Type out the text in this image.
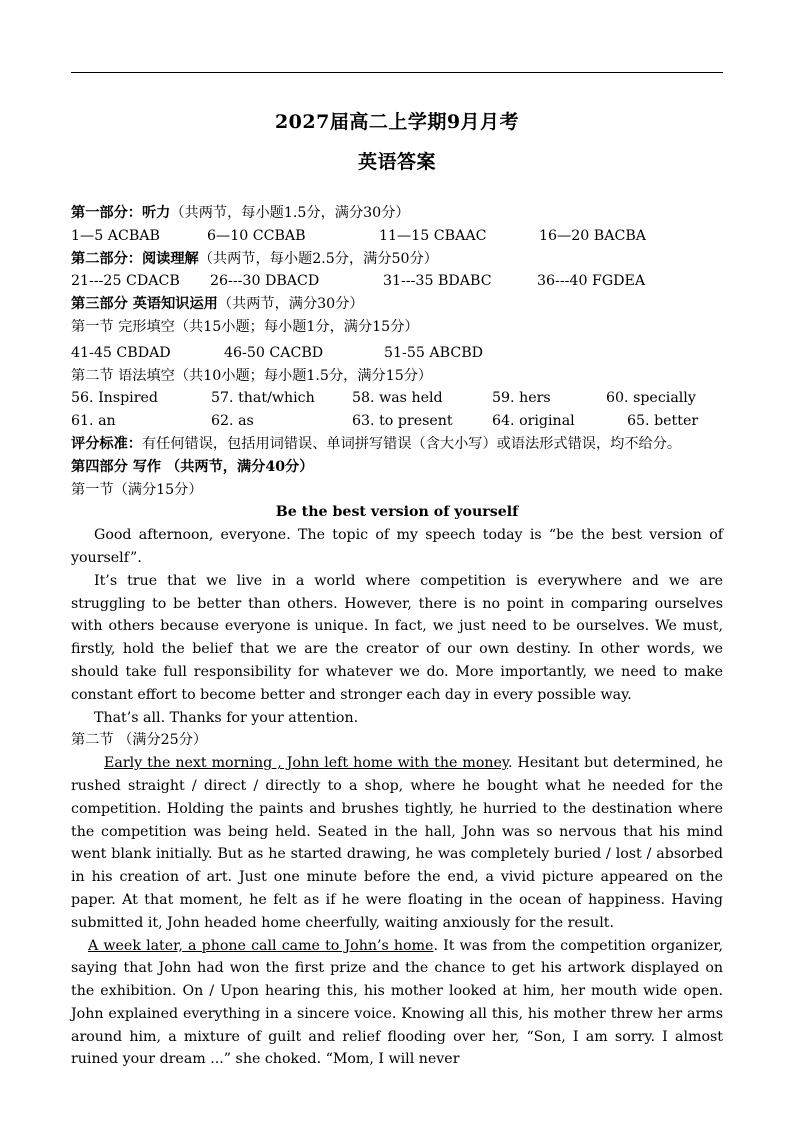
2027届高二上学期9月月考
英语答案
第一部分：听力（共两节，每小题1.5分，满分30分）
1—5 ACBAB	6—10 CCBAB	11—15 CBAAC	16—20 BACBA
第二部分：阅读理解（共两节，每小题2.5分，满分50分）
21---25 CDACB 26---30 DBACD	31---35 BDABC	36---40 FGDEA
第三部分 英语知识运用（共两节，满分30分）
第一节 完形填空（共15小题；每小题1分，满分15分）
41-45 CBDAD	46-50 CACBD	51-55 ABCBD
第二节 语法填空（共10小题；每小题1.5分，满分15分）
56. Inspired	57. that/which	58. was held	59. hers	60. specially
61. an	62. as	63. to present	64. original	65. better

评分标准：有任何错误，包括用词错误、单词拼写错误（含大小写）或语法形式错误，均不给分。

第四部分 写作 （共两节，满分40分）
第一节（满分15分）
Be the best version of yourself

Good afternoon, everyone. The topic of my speech today is “be the best version of yourself”.

It’s true that we live in a world where competition is everywhere and we are struggling to be better than others. However, there is no point in comparing ourselves with others because everyone is unique. In fact, we just need to be ourselves. We must, firstly, hold the belief that we are the creator of our own destiny. In other words, we should take full responsibility for whatever we do. More importantly, we need to make constant effort to become better and stronger each day in every possible way.

That’s all. Thanks for your attention.

第二节 （满分25分）

Early the next morning , John left home with the money. Hesitant but determined, he rushed straight / direct / directly to a shop, where he bought what he needed for the competition. Holding the paints and brushes tightly, he hurried to the destination where the competition was being held. Seated in the hall, John was so nervous that his mind went blank initially. But as he started drawing, he was completely buried / lost / absorbed in his creation of art. Just one minute before the end, a vivid picture appeared on the paper. At that moment, he felt as if he were floating in the ocean of happiness. Having submitted it, John headed home cheerfully, waiting anxiously for the result.

A week later, a phone call came to John’s home. It was from the competition organizer, saying that John had won the first prize and the chance to get his artwork displayed on the exhibition. On / Upon hearing this, his mother looked at him, her mouth wide open. John explained everything in a sincere voice. Knowing all this, his mother threw her arms around him, a mixture of guilt and relief flooding over her, “Son, I am sorry. I almost ruined your dream ...” she choked. “Mom, I will never
